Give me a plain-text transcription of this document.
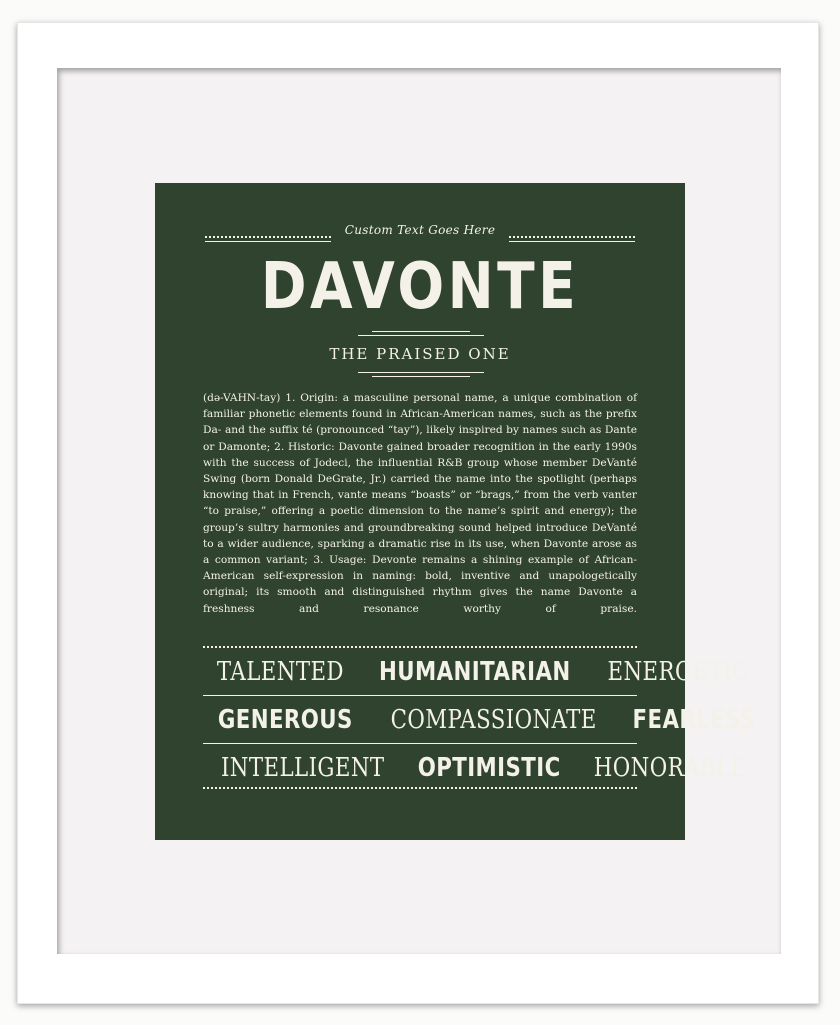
Custom Text Goes Here
DAVONTE
THE PRAISED ONE

(də-VAHN-tay) 1. Origin: a masculine personal name, a unique combination of familiar phonetic elements found in African-American names, such as the prefix Da- and the suffix té (pronounced “tay”), likely inspired by names such as Dante or Damonte; 2. Historic: Davonte gained broader recognition in the early 1990s with the success of Jodeci, the influential R&B group whose member DeVanté Swing (born Donald DeGrate, Jr.) carried the name into the spotlight (perhaps knowing that in French, vante means “boasts” or “brags,” from the verb vanter “to praise,” offering a poetic dimension to the name’s spirit and energy); the group’s sultry harmonies and groundbreaking sound helped introduce DeVanté to a wider audience, sparking a dramatic rise in its use, when Davonte arose as a common variant; 3. Usage: Devonte remains a shining example of African-American self-expression in naming: bold, inventive and unapologetically original; its smooth and distinguished rhythm gives the name Davonte a freshness and resonance worthy of praise.

TALENTED HUMANITARIAN ENERGETIC
GENEROUS COMPASSIONATE FEARLESS
INTELLIGENT OPTIMISTIC HONORABLE
